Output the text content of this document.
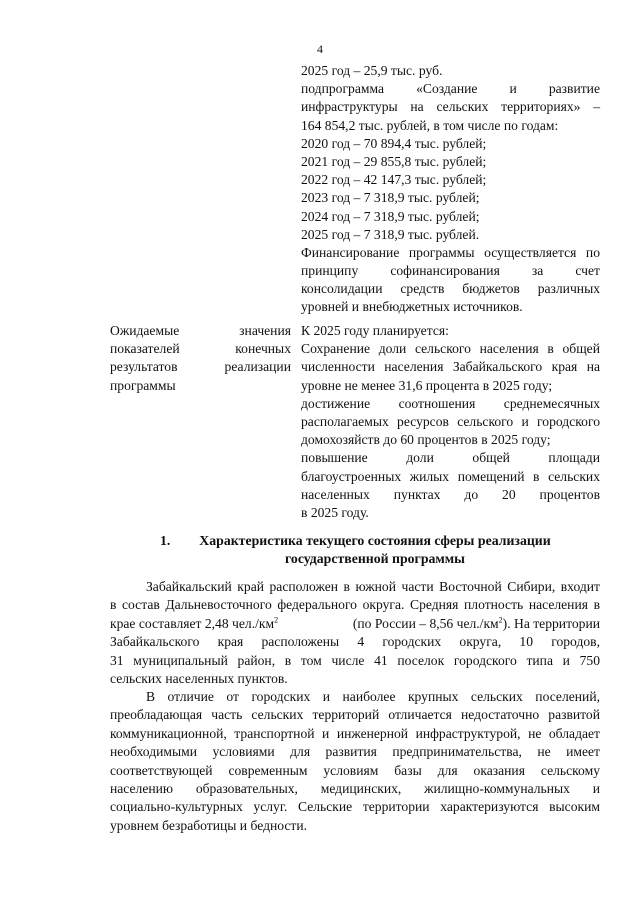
4
2025 год – 25,9 тыс. руб.
подпрограмма «Создание и развитие
инфраструктуры на сельских территориях» –
164 854,2 тыс. рублей, в том числе по годам:
2020 год – 70 894,4 тыс. рублей;
2021 год – 29 855,8 тыс. рублей;
2022 год – 42 147,3 тыс. рублей;
2023 год – 7 318,9 тыс. рублей;
2024 год – 7 318,9 тыс. рублей;
2025 год – 7 318,9 тыс. рублей.
Финансирование программы осуществляется по
принципу софинансирования за счет
консолидации средств бюджетов различных
уровней и внебюджетных источников.
Ожидаемые значения
показателей конечных
результатов реализации
программы
К 2025 году планируется:
Сохранение доли сельского населения в общей
численности населения Забайкальского края на
уровне не менее 31,6 процента в 2025 году;
достижение соотношения среднемесячных
располагаемых ресурсов сельского и городского
домохозяйств до 60 процентов в 2025 году;
повышение доли общей площади
благоустроенных жилых помещений в сельских
населенных пунктах до 20 процентов
в 2025 году.
1.	Характеристика текущего состояния сферы реализации
государственной программы
Забайкальский край расположен в южной части Восточной Сибири, входит
в состав Дальневосточного федерального округа. Средняя плотность населения в
крае составляет 2,48 $чел./км^2$	(по России – 8,56 $чел./км^2$). На территории
Забайкальского края расположены 4 городских округа, 10 городов,
31 муниципальный район, в том числе 41 поселок городского типа и 750
сельских населенных пунктов.
В отличие от городских и наиболее крупных сельских поселений,
преобладающая часть сельских территорий отличается недостаточно развитой
коммуникационной, транспортной и инженерной инфраструктурой, не обладает
необходимыми условиями для развития предпринимательства, не имеет
соответствующей современным условиям базы для оказания сельскому
населению образовательных, медицинских, жилищно-коммунальных и
социально-культурных услуг. Сельские территории характеризуются высоким
уровнем безработицы и бедности.
